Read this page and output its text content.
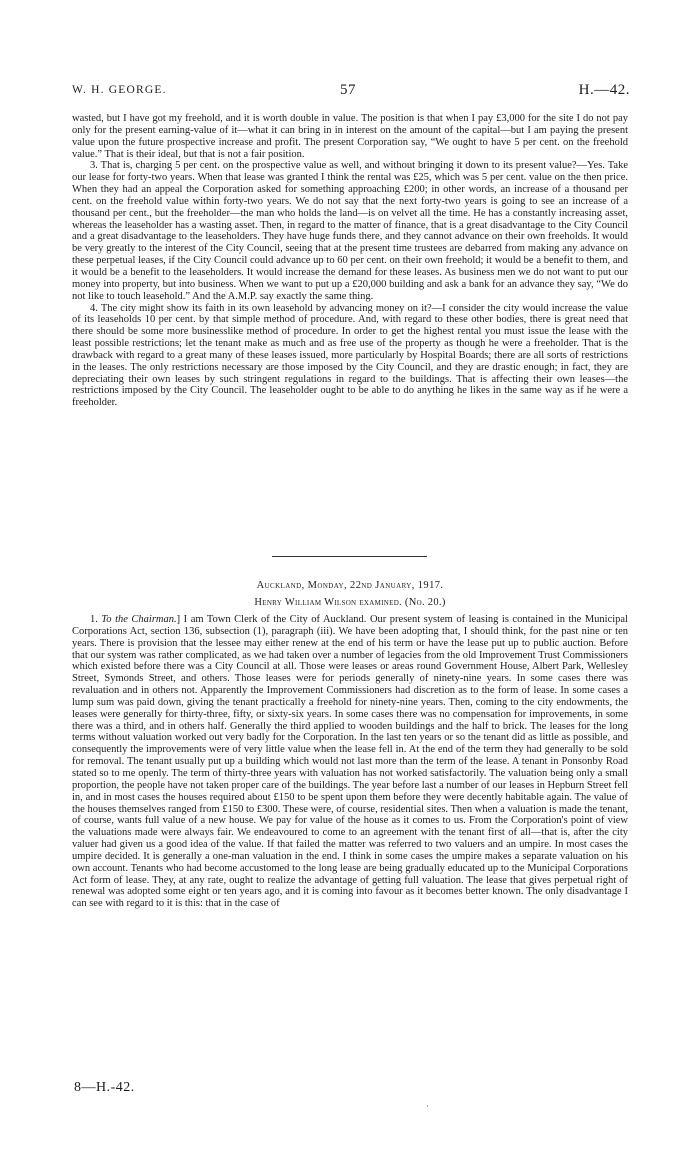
W. H. GEORGE.	57	H.—42.

wasted, but I have got my freehold, and it is worth double in value. The position is that when I pay £3,000 for the site I do not pay only for the present earning-value of it—what it can bring in in interest on the amount of the capital—but I am paying the present value upon the future prospective increase and profit. The present Corporation say, “We ought to have 5 per cent. on the freehold value.” That is their ideal, but that is not a fair position.

3. That is, charging 5 per cent. on the prospective value as well, and without bringing it down to its present value?—Yes. Take our lease for forty-two years. When that lease was granted I think the rental was £25, which was 5 per cent. value on the then price. When they had an appeal the Corporation asked for something approaching £200; in other words, an increase of a thousand per cent. on the freehold value within forty-two years. We do not say that the next forty-two years is going to see an increase of a thousand per cent., but the freeholder—the man who holds the land—is on velvet all the time. He has a constantly increasing asset, whereas the leaseholder has a wasting asset. Then, in regard to the matter of finance, that is a great disadvantage to the City Council and a great disadvantage to the leaseholders. They have huge funds there, and they cannot advance on their own freeholds. It would be very greatly to the interest of the City Council, seeing that at the present time trustees are debarred from making any advance on these perpetual leases, if the City Council could advance up to 60 per cent. on their own freehold; it would be a benefit to them, and it would be a benefit to the leaseholders. It would increase the demand for these leases. As business men we do not want to put our money into property, but into business. When we want to put up a £20,000 building and ask a bank for an advance they say, “We do not like to touch leasehold.” And the A.M.P. say exactly the same thing.

4. The city might show its faith in its own leasehold by advancing money on it?—I consider the city would increase the value of its leaseholds 10 per cent. by that simple method of procedure. And, with regard to these other bodies, there is great need that there should be some more businesslike method of procedure. In order to get the highest rental you must issue the lease with the least possible restrictions; let the tenant make as much and as free use of the property as though he were a freeholder. That is the drawback with regard to a great many of these leases issued, more particularly by Hospital Boards; there are all sorts of restrictions in the leases. The only restrictions necessary are those imposed by the City Council, and they are drastic enough; in fact, they are depreciating their own leases by such stringent regulations in regard to the buildings. That is affecting their own leases—the restrictions imposed by the City Council. The leaseholder ought to be able to do anything he likes in the same way as if he were a freeholder.

Auckland, Monday, 22nd January, 1917.
Henry William Wilson examined. (No. 20.)

1. To the Chairman.] I am Town Clerk of the City of Auckland. Our present system of leasing is contained in the Municipal Corporations Act, section 136, subsection (1), paragraph (iii). We have been adopting that, I should think, for the past nine or ten years. There is provision that the lessee may either renew at the end of his term or have the lease put up to public auction. Before that our system was rather complicated, as we had taken over a number of legacies from the old Improvement Trust Commissioners which existed before there was a City Council at all. Those were leases or areas round Government House, Albert Park, Wellesley Street, Symonds Street, and others. Those leases were for periods generally of ninety-nine years. In some cases there was revaluation and in others not. Apparently the Improvement Commissioners had discretion as to the form of lease. In some cases a lump sum was paid down, giving the tenant practically a freehold for ninety-nine years. Then, coming to the city endowments, the leases were generally for thirty-three, fifty, or sixty-six years. In some cases there was no compensation for improvements, in some there was a third, and in others half. Generally the third applied to wooden buildings and the half to brick. The leases for the long terms without valuation worked out very badly for the Corporation. In the last ten years or so the tenant did as little as possible, and consequently the improvements were of very little value when the lease fell in. At the end of the term they had generally to be sold for removal. The tenant usually put up a building which would not last more than the term of the lease. A tenant in Ponsonby Road stated so to me openly. The term of thirty-three years with valuation has not worked satisfactorily. The valuation being only a small proportion, the people have not taken proper care of the buildings. The year before last a number of our leases in Hepburn Street fell in, and in most cases the houses required about £150 to be spent upon them before they were decently habitable again. The value of the houses themselves ranged from £150 to £300. These were, of course, residential sites. Then when a valuation is made the tenant, of course, wants full value of a new house. We pay for value of the house as it comes to us. From the Corporation's point of view the valuations made were always fair. We endeavoured to come to an agreement with the tenant first of all—that is, after the city valuer had given us a good idea of the value. If that failed the matter was referred to two valuers and an umpire. In most cases the umpire decided. It is generally a one-man valuation in the end. I think in some cases the umpire makes a separate valuation on his own account. Tenants who had become accustomed to the long lease are being gradually educated up to the Municipal Corporations Act form of lease. They, at any rate, ought to realize the advantage of getting full valuation. The lease that gives perpetual right of renewal was adopted some eight or ten years ago, and it is coming into favour as it becomes better known. The only disadvantage I can see with regard to it is this: that in the case of

8—H.-42.
·
